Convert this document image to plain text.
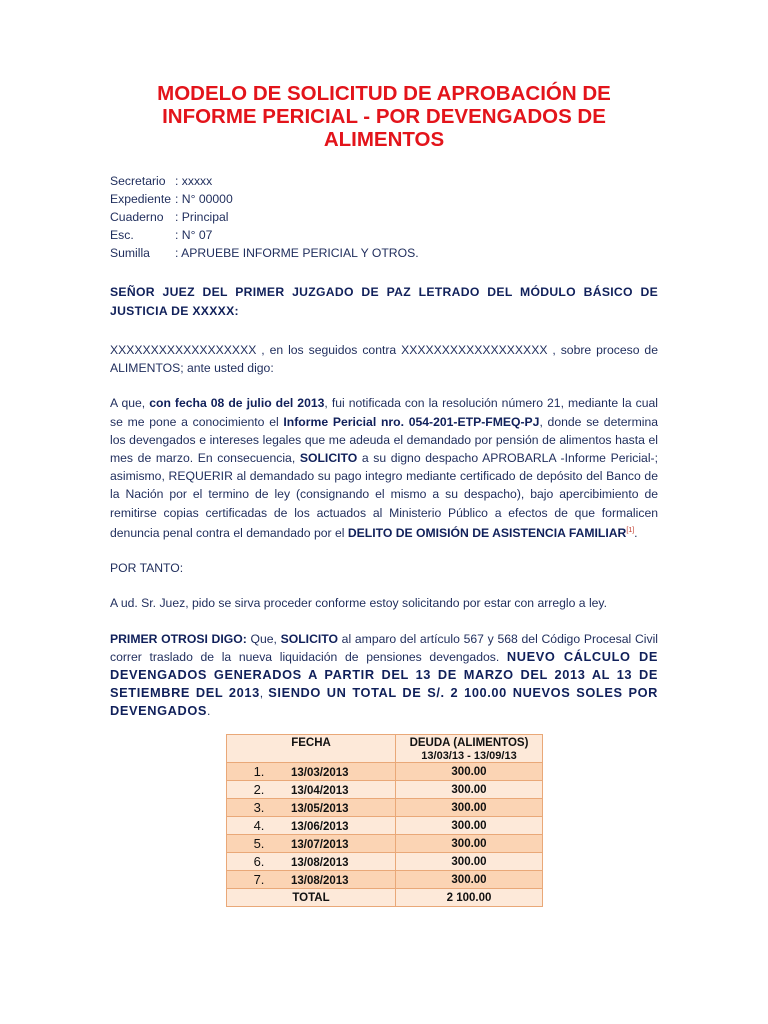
MODELO DE SOLICITUD DE APROBACIÓN DE INFORME PERICIAL - POR DEVENGADOS DE ALIMENTOS
Secretario : xxxxx
Expediente : N° 00000
Cuaderno : Principal
Esc.	: N° 07
Sumilla	: APRUEBE INFORME PERICIAL Y OTROS.
SEÑOR JUEZ DEL PRIMER JUZGADO DE PAZ LETRADO DEL MÓDULO BÁSICO DE JUSTICIA DE XXXXX:

XXXXXXXXXXXXXXXXXX , en los seguidos contra XXXXXXXXXXXXXXXXXX , sobre proceso de ALIMENTOS; ante usted digo:

A que, con fecha 08 de julio del 2013, fui notificada con la resolución número 21, mediante la cual se me pone a conocimiento el Informe Pericial nro. 054-201-ETP-FMEQ-PJ, donde se determina los devengados e intereses legales que me adeuda el demandado por pensión de alimentos hasta el mes de marzo. En consecuencia, SOLICITO a su digno despacho APROBARLA -Informe Pericial-; asimismo, REQUERIR al demandado su pago integro mediante certificado de depósito del Banco de la Nación por el termino de ley (consignando el mismo a su despacho), bajo apercibimiento de remitirse copias certificadas de los actuados al Ministerio Público a efectos de que formalicen denuncia penal contra el demandado por el DELITO DE OMISIÓN DE ASISTENCIA FAMILIAR[1].

POR TANTO:

A ud. Sr. Juez, pido se sirva proceder conforme estoy solicitando por estar con arreglo a ley.

PRIMER OTROSI DIGO: Que, SOLICITO al amparo del artículo 567 y 568 del Código Procesal Civil correr traslado de la nueva liquidación de pensiones devengados. NUEVO CÁLCULO DE DEVENGADOS GENERADOS A PARTIR DEL 13 DE MARZO DEL 2013 AL 13 DE SETIEMBRE DEL 2013, SIENDO UN TOTAL DE S/. 2 100.00 NUEVOS SOLES POR DEVENGADOS.

FECHA	DEUDA (ALIMENTOS)
13/03/13 - 13/09/13

1. 13/03/2013	300.00
2. 13/04/2013	300.00
3. 13/05/2013	300.00
4. 13/06/2013	300.00
5. 13/07/2013	300.00
6. 13/08/2013	300.00
7. 13/08/2013	300.00
TOTAL	2 100.00
